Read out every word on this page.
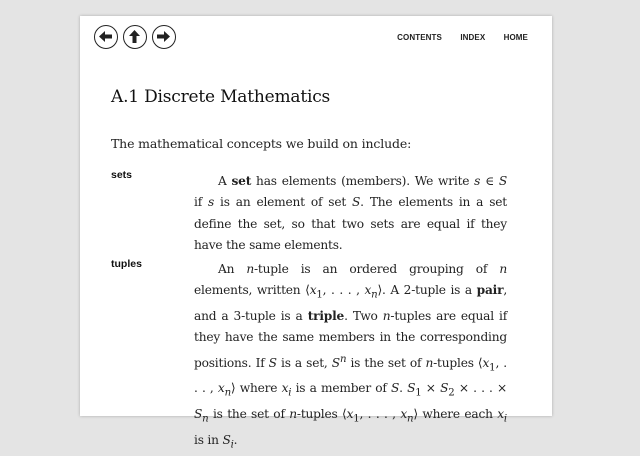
CONTENTS INDEX HOME
A.1 Discrete Mathematics
The mathematical concepts we build on include:
sets	A set has elements (members). We write s ∈ S if s is an element of set S. The elements in a set define the set, so that two sets are equal if they have the same elements.

tuples	An n-tuple is an ordered grouping of n elements, written $⟨x_1$, . . . , $x_n⟩$. A 2-tuple is a pair, and a 3-tuple is a triple. Two n-tuples are equal if they have the same members in the corresponding positions. If S is a set, $S^n$ is the set of n-tuples $⟨x_1$, . . . , $x_n⟩$ where $x_i$ is a member of S. $S_1 \times S_2$ × . . . × $S_n$ is the set of n-tuples $⟨x_1$, . . . , $x_n⟩$ where each $x_i$ is in $S_i$.
